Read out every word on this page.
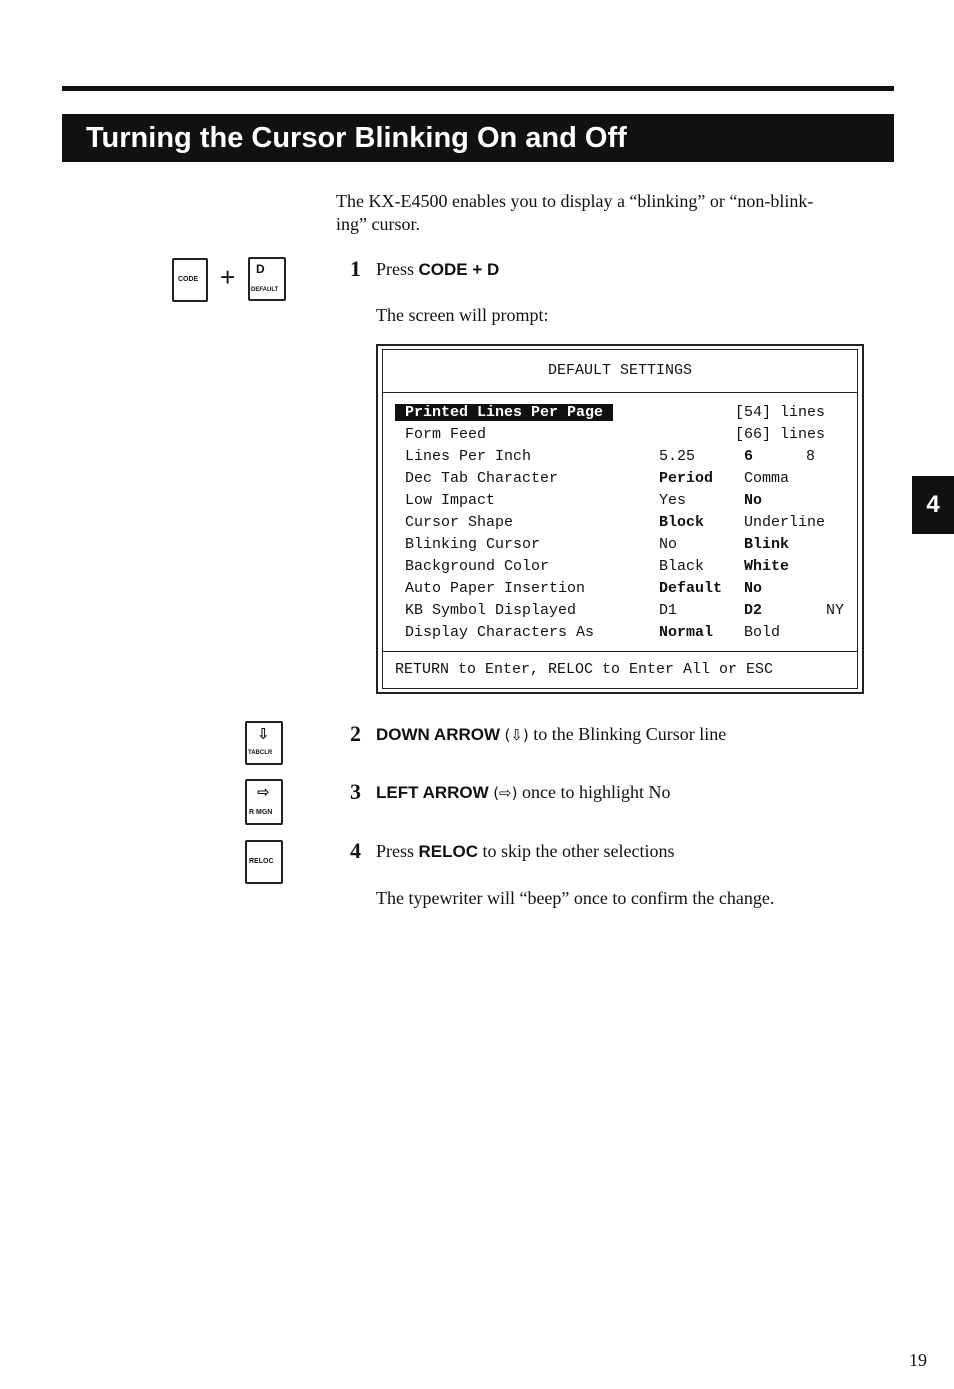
Turning the Cursor Blinking On and Off
The KX-E4500 enables you to display a “blinking” or “non-blink-
ing” cursor.
CODE + D
DEFAULT
1 Press CODE + D
The screen will prompt:
DEFAULT SETTINGS
Printed Lines Per Page	[54] lines
Form Feed	[66] lines
Lines Per Inch	5.25	6	8
Dec Tab Character	Period Comma
Low Impact	Yes	No
Cursor Shape	Block	Underline
Blinking Cursor	No	Blink
Background Color	Black	White
Auto Paper Insertion	Default No
KB Symbol Displayed	D1	D2	NY
Display Characters As	Normal Bold
RETURN to Enter, RELOC to Enter All or ESC
⇩
TABCLR
⇨
R MGN
RELOC
2 DOWN ARROW (⇩) to the Blinking Cursor line
3 LEFT ARROW (⇨) once to highlight No
4 Press RELOC to skip the other selections
The typewriter will “beep” once to confirm the change.
4
19
